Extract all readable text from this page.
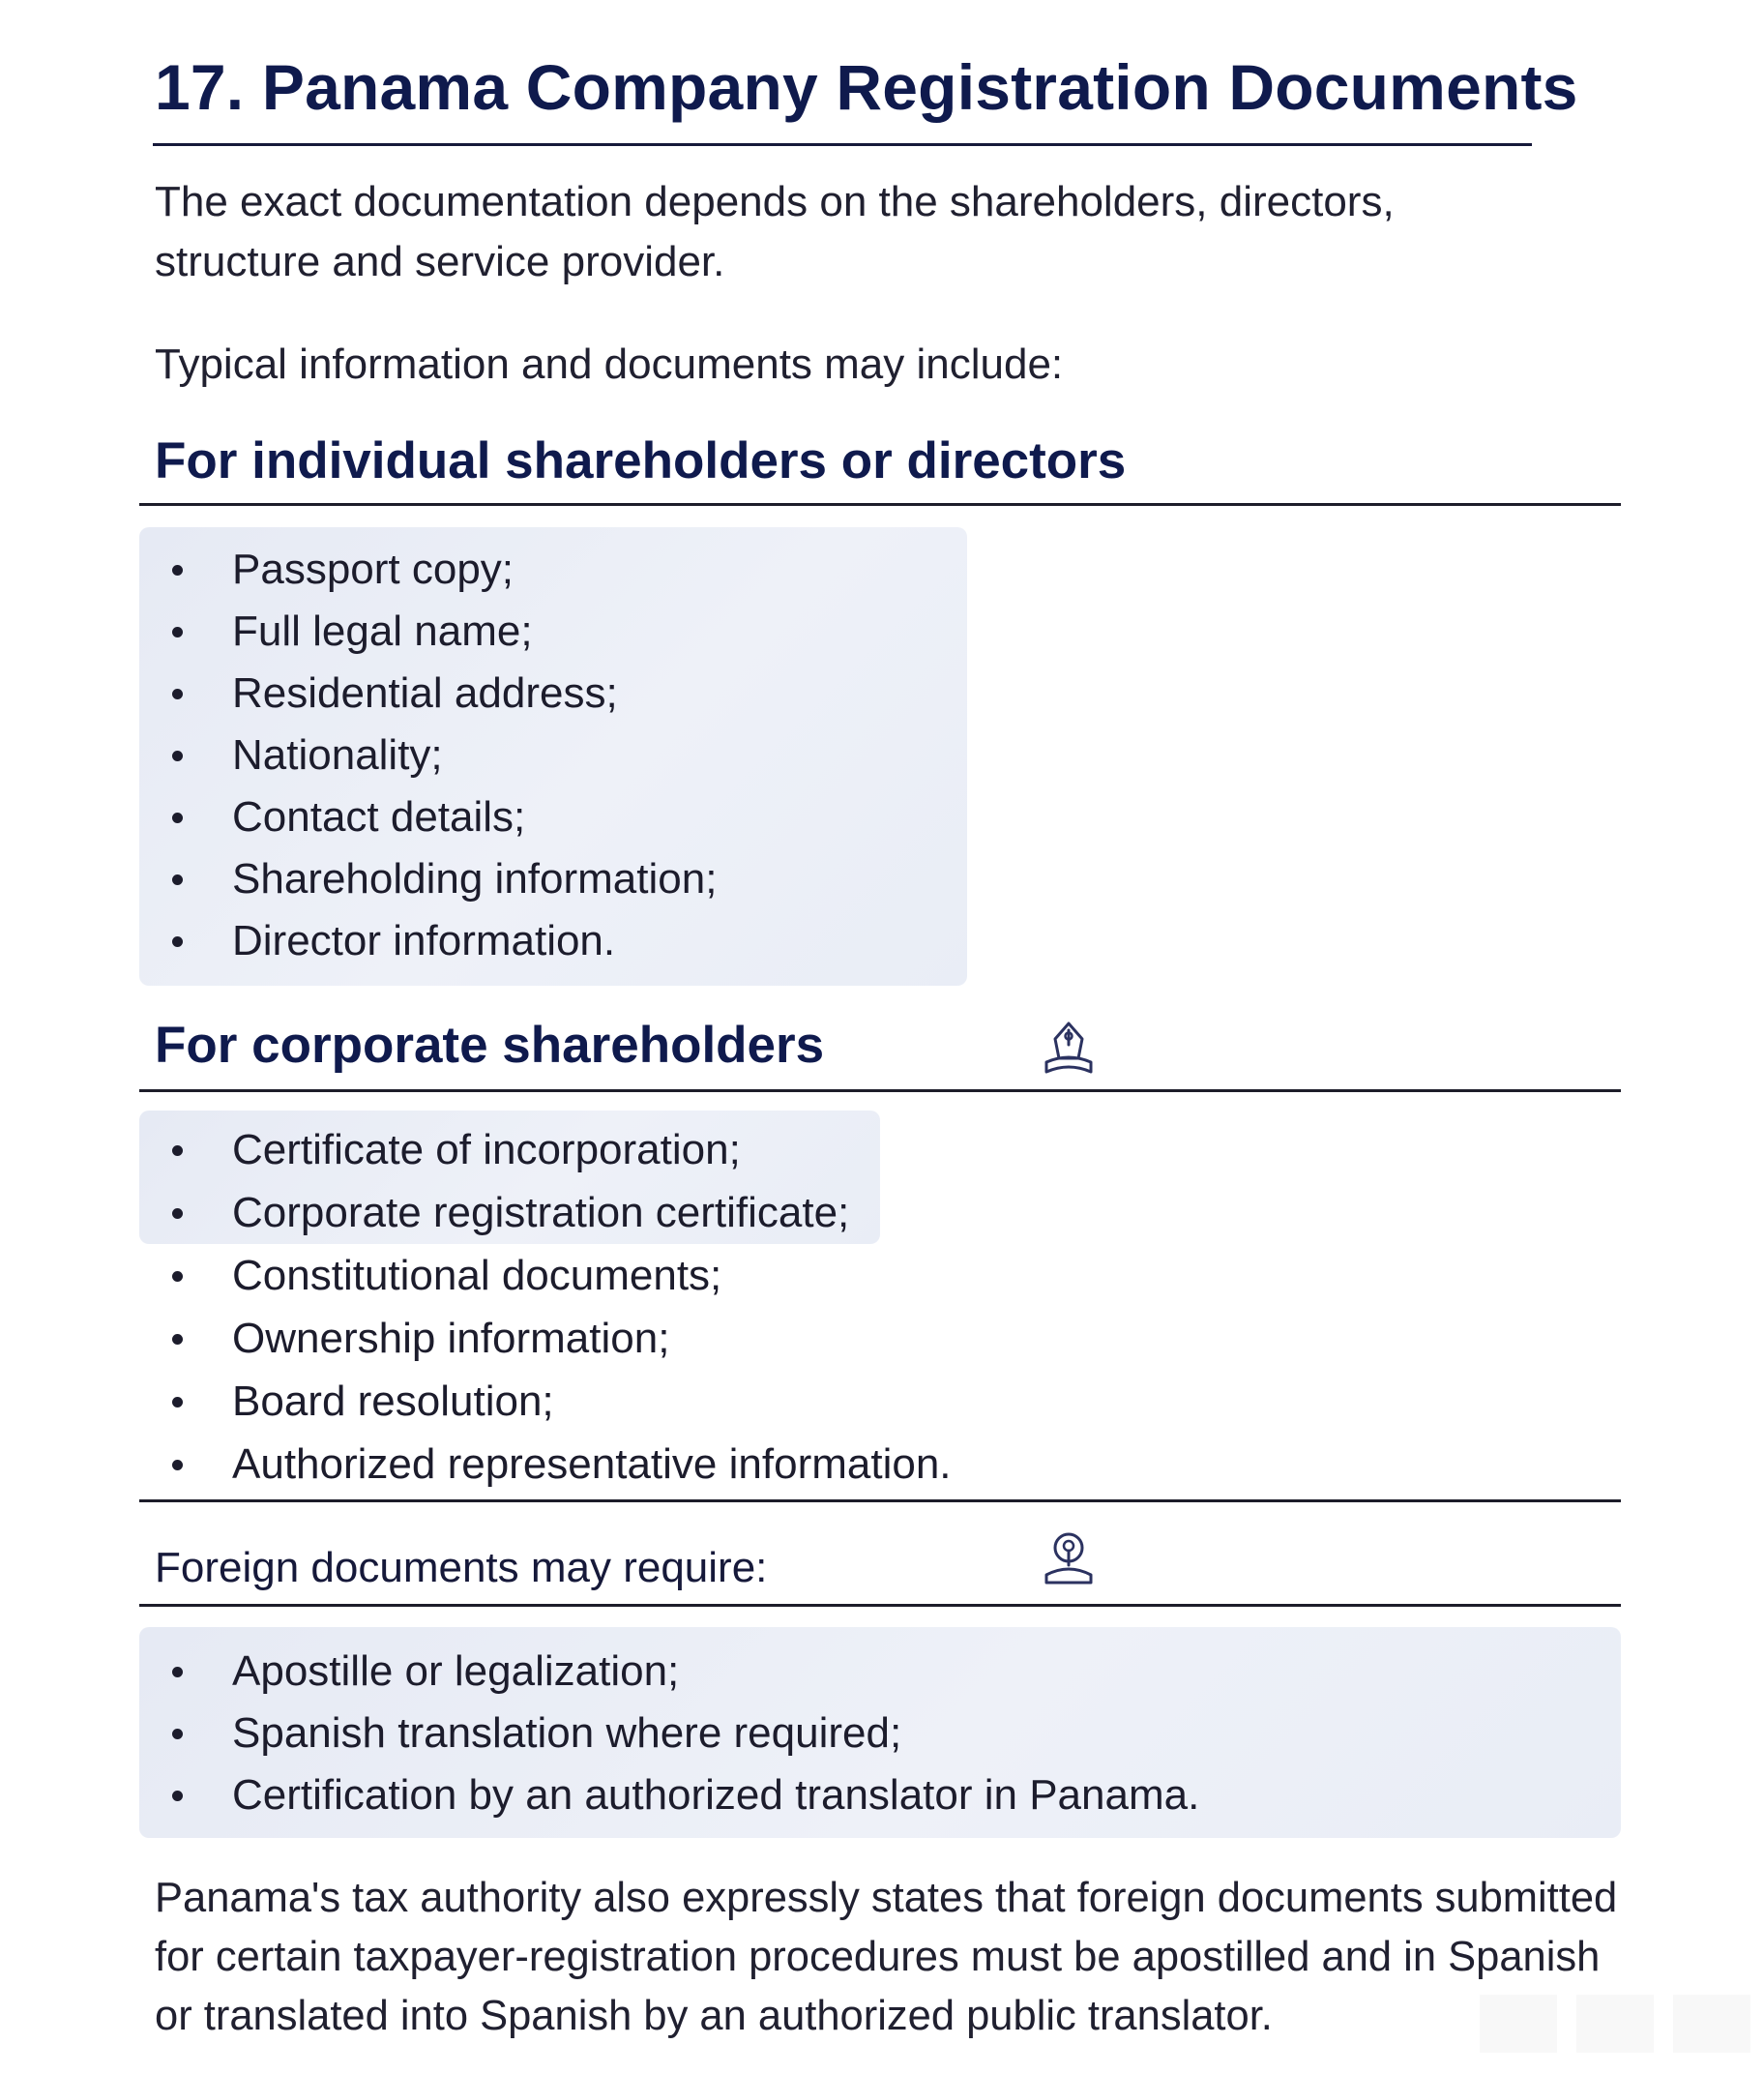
17. Panama Company Registration Documents

The exact documentation depends on the shareholders, directors, structure and service provider.

Typical information and documents may include:

For individual shareholders or directors
Passport copy;
Full legal name;
Residential address;
Nationality;
Contact details;
Shareholding information;
Director information.
For corporate shareholders
Certificate of incorporation;
Corporate registration certificate;
Constitutional documents;
Ownership information;
Board resolution;
Authorized representative information.
Foreign documents may require:
Apostille or legalization;
Spanish translation where required;
Certification by an authorized translator in Panama.

Panama's tax authority also expressly states that foreign documents submitted for certain taxpayer-registration procedures must be apostilled and in Spanish or translated into Spanish by an authorized public translator.
